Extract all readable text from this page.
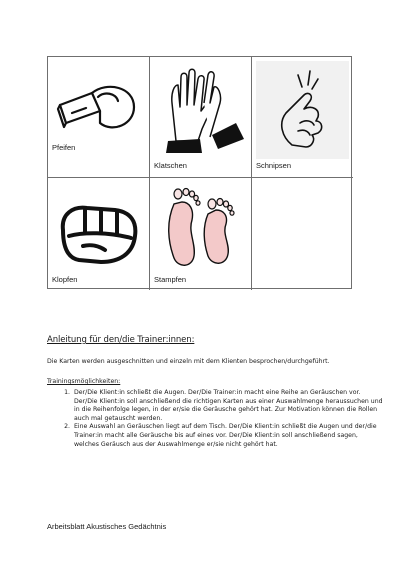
Pfeifen
Klatschen	Schnipsen
Klopfen	Stampfen
Anleitung für den/die Trainer:innen:
Die Karten werden ausgeschnitten und einzeln mit dem Klienten besprochen/durchgeführt.
Trainingsmöglichkeiten:
1. Der/Die Klient:in schließt die Augen. Der/Die Trainer:in macht eine Reihe an Geräuschen vor. Der/Die Klient:in soll anschließend die richtigen Karten aus einer Auswahlmenge heraussuchen und in die Reihenfolge legen, in der er/sie die Geräusche gehört hat. Zur Motivation können die Rollen auch mal getauscht werden.
2. Eine Auswahl an Geräuschen liegt auf dem Tisch. Der/Die Klient:in schließt die Augen und der/die Trainer:in macht alle Geräusche bis auf eines vor. Der/Die Klient:in soll anschließend sagen, welches Geräusch aus der Auswahlmenge er/sie nicht gehört hat.
Arbeitsblatt Akustisches Gedächtnis
